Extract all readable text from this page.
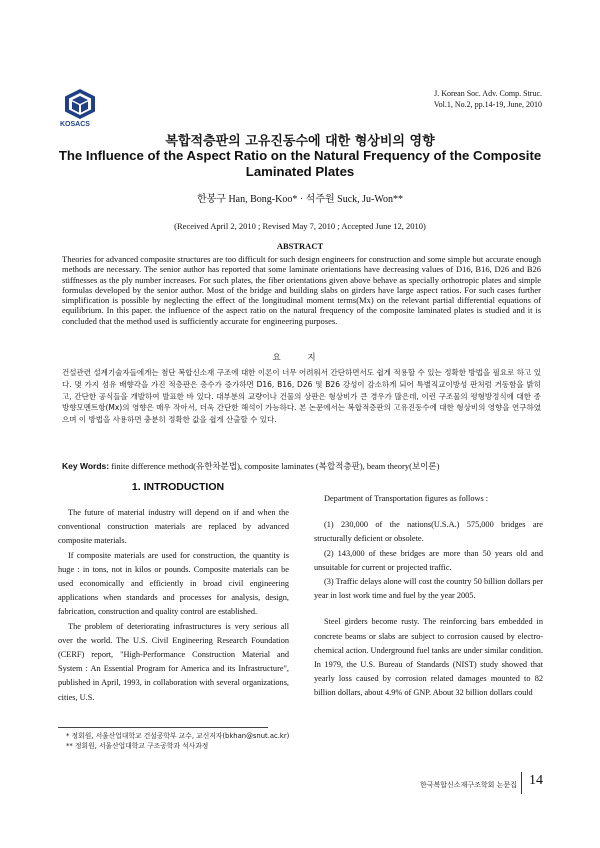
KOSACS
J. Korean Soc. Adv. Comp. Struc.
Vol.1, No.2, pp.14-19, June, 2010
복합적층판의 고유진동수에 대한 형상비의 영향
The Influence of the Aspect Ratio on the Natural Frequency of the Composite Laminated Plates
한봉구 Han, Bong-Koo* · 석주원 Suck, Ju-Won**
(Received April 2, 2010 ; Revised May 7, 2010 ; Accepted June 12, 2010)
ABSTRACT
Theories for advanced composite structures are too difficult for such design engineers for construction and some simple but accurate enough methods are necessary. The senior author has reported that some laminate orientations have decreasing values of D16, B16, D26 and B26 stiffnesses as the ply number increases. For such plates, the fiber orientations given above behave as specially orthotropic plates and simple formulas developed by the senior author. Most of the bridge and building slabs on girders have large aspect ratios. For such cases further simplification is possible by neglecting the effect of the longitudinal moment terms(Mx) on the relevant partial differential equations of equilibrium. In this paper. the influence of the aspect ratio on the natural frequency of the composite laminated plates is studied and it is concluded that the method used is sufficiently accurate for engineering purposes.
요 지
건설관련 설계기술자들에게는 첨단 복합신소재 구조에 대한 이론이 너무 어려워서 간단하면서도 쉽게 적용할 수 있는 정확한 방법을 필요로 하고 있다. 몇 가지 섬유 배향각을 가진 적층판은 층수가 증가하면 D16, B16, D26 및 B26 강성이 감소하게 되어 특별직교이방성 판처럼 거동함을 밝히고, 간단한 공식들을 개발하여 발표한 바 있다. 대부분의 교량이나 건물의 상판은 형상비가 큰 경우가 많은데, 이런 구조물의 평형방정식에 대한 종방향모멘트항(Mx)의 영향은 매우 작아서, 더욱 간단한 해석이 가능하다. 본 논문에서는 복합적층판의 고유진동수에 대한 형상비의 영향을 연구하였으며 이 방법을 사용하면 충분히 정확한 값을 쉽게 산출할 수 있다.
Key Words: finite difference method(유한차분법), composite laminates (복합적층판), beam theory(보이론)
1. INTRODUCTION

The future of material industry will depend on if and when the conventional construction materials are replaced by advanced composite materials.

If composite materials are used for construction, the quantity is huge : in tons, not in kilos or pounds. Composite materials can be used economically and efficiently in broad civil engineering applications when standards and processes for analysis, design, fabrication, construction and quality control are established.

The problem of deteriorating infrastructures is very serious all over the world. The U.S. Civil Engineering Research Foundation (CERF) report, "High-Performance Construction Material and System : An Essential Program for America and its Infrastructure", published in April, 1993, in collaboration with several organizations, cities, U.S.

Department of Transportation figures as follows :

(1) 230,000 of the nations(U.S.A.) 575,000 bridges are structurally deficient or obsolete.

(2) 143,000 of these bridges are more than 50 years old and unsuitable for current or projected traffic.

(3) Traffic delays alone will cost the country 50 billion dollars per year in lost work time and fuel by the year 2005.

Steel girders become rusty. The reinforcing bars embedded in concrete beams or slabs are subject to corrosion caused by electro- chemical action. Underground fuel tanks are under similar condition. In 1979, the U.S. Bureau of Standards (NIST) study showed that yearly loss caused by corrosion related damages mounted to 82 billion dollars, about 4.9% of GNP. About 32 billion dollars could

* 정회원, 서울산업대학교 건설공학부 교수, 교신저자(bkhan@snut.ac.kr)
** 정회원, 서울산업대학교 구조공학과 석사과정
한국복합신소재구조학회 논문집 14
